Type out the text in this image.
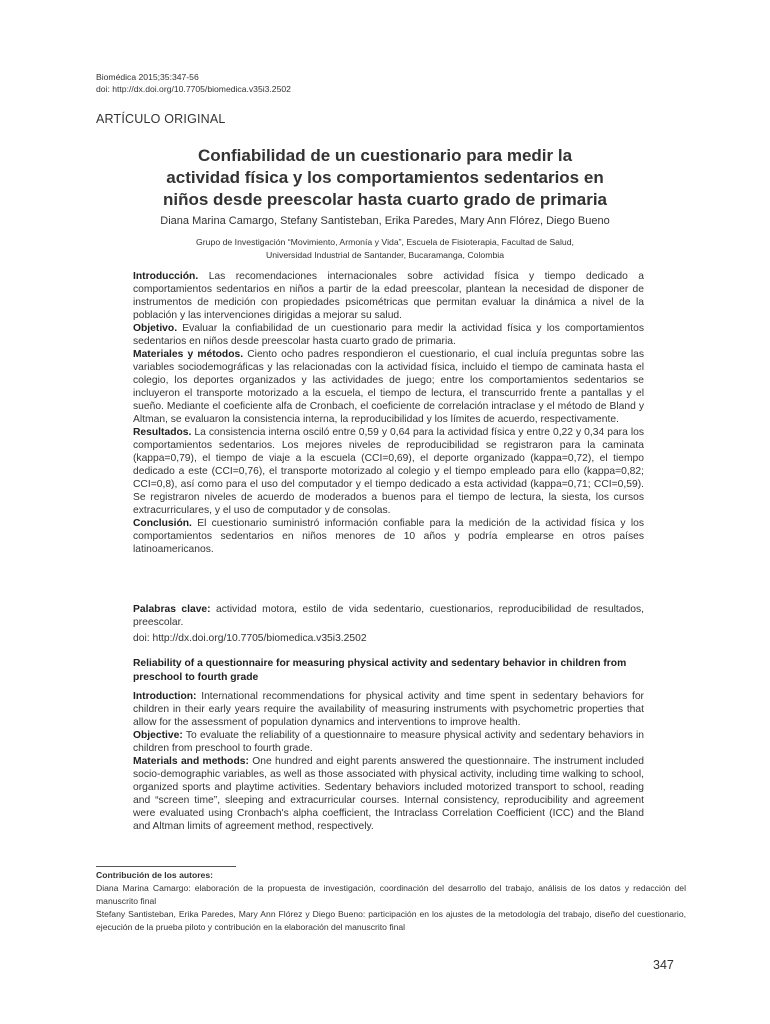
Biomédica 2015;35:347-56
doi: http://dx.doi.org/10.7705/biomedica.v35i3.2502
ARTÍCULO ORIGINAL
Confiabilidad de un cuestionario para medir la
actividad física y los comportamientos sedentarios en
niños desde preescolar hasta cuarto grado de primaria
Diana Marina Camargo, Stefany Santisteban, Erika Paredes, Mary Ann Flórez, Diego Bueno
Grupo de Investigación “Movimiento, Armonía y Vida”, Escuela de Fisioterapia, Facultad de Salud,
Universidad Industrial de Santander, Bucaramanga, Colombia

Introducción. Las recomendaciones internacionales sobre actividad física y tiempo dedicado a comportamientos sedentarios en niños a partir de la edad preescolar, plantean la necesidad de disponer de instrumentos de medición con propiedades psicométricas que permitan evaluar la dinámica a nivel de la población y las intervenciones dirigidas a mejorar su salud.

Objetivo. Evaluar la confiabilidad de un cuestionario para medir la actividad física y los comportamientos sedentarios en niños desde preescolar hasta cuarto grado de primaria.

Materiales y métodos. Ciento ocho padres respondieron el cuestionario, el cual incluía preguntas sobre las variables sociodemográficas y las relacionadas con la actividad física, incluido el tiempo de caminata hasta el colegio, los deportes organizados y las actividades de juego; entre los comportamientos sedentarios se incluyeron el transporte motorizado a la escuela, el tiempo de lectura, el transcurrido frente a pantallas y el sueño. Mediante el coeficiente alfa de Cronbach, el coeficiente de correlación intraclase y el método de Bland y Altman, se evaluaron la consistencia interna, la reproducibilidad y los límites de acuerdo, respectivamente.

Resultados. La consistencia interna osciló entre 0,59 y 0,64 para la actividad física y entre 0,22 y 0,34 para los comportamientos sedentarios. Los mejores niveles de reproducibilidad se registraron para la caminata (kappa=0,79), el tiempo de viaje a la escuela (CCI=0,69), el deporte organizado (kappa=0,72), el tiempo dedicado a este (CCI=0,76), el transporte motorizado al colegio y el tiempo empleado para ello (kappa=0,82; CCI=0,8), así como para el uso del computador y el tiempo dedicado a esta actividad (kappa=0,71; CCI=0,59). Se registraron niveles de acuerdo de moderados a buenos para el tiempo de lectura, la siesta, los cursos extracurriculares, y el uso de computador y de consolas.

Conclusión. El cuestionario suministró información confiable para la medición de la actividad física y los comportamientos sedentarios en niños menores de 10 años y podría emplearse en otros países latinoamericanos.

Palabras clave: actividad motora, estilo de vida sedentario, cuestionarios, reproducibilidad de resultados, preescolar.

doi: http://dx.doi.org/10.7705/biomedica.v35i3.2502
Reliability of a questionnaire for measuring physical activity and sedentary behavior in children from preschool to fourth grade

Introduction: International recommendations for physical activity and time spent in sedentary behaviors for children in their early years require the availability of measuring instruments with psychometric properties that allow for the assessment of population dynamics and interventions to improve health.

Objective: To evaluate the reliability of a questionnaire to measure physical activity and sedentary behaviors in children from preschool to fourth grade.

Materials and methods: One hundred and eight parents answered the questionnaire. The instrument included socio-demographic variables, as well as those associated with physical activity, including time walking to school, organized sports and playtime activities. Sedentary behaviors included motorized transport to school, reading and “screen time”, sleeping and extracurricular courses. Internal consistency, reproducibility and agreement were evaluated using Cronbach's alpha coefficient, the Intraclass Correlation Coefficient (ICC) and the Bland and Altman limits of agreement method, respectively.

Contribución de los autores:

Diana Marina Camargo: elaboración de la propuesta de investigación, coordinación del desarrollo del trabajo, análisis de los datos y redacción del manuscrito final

Stefany Santisteban, Erika Paredes, Mary Ann Flórez y Diego Bueno: participación en los ajustes de la metodología del trabajo, diseño del cuestionario, ejecución de la prueba piloto y contribución en la elaboración del manuscrito final

347
